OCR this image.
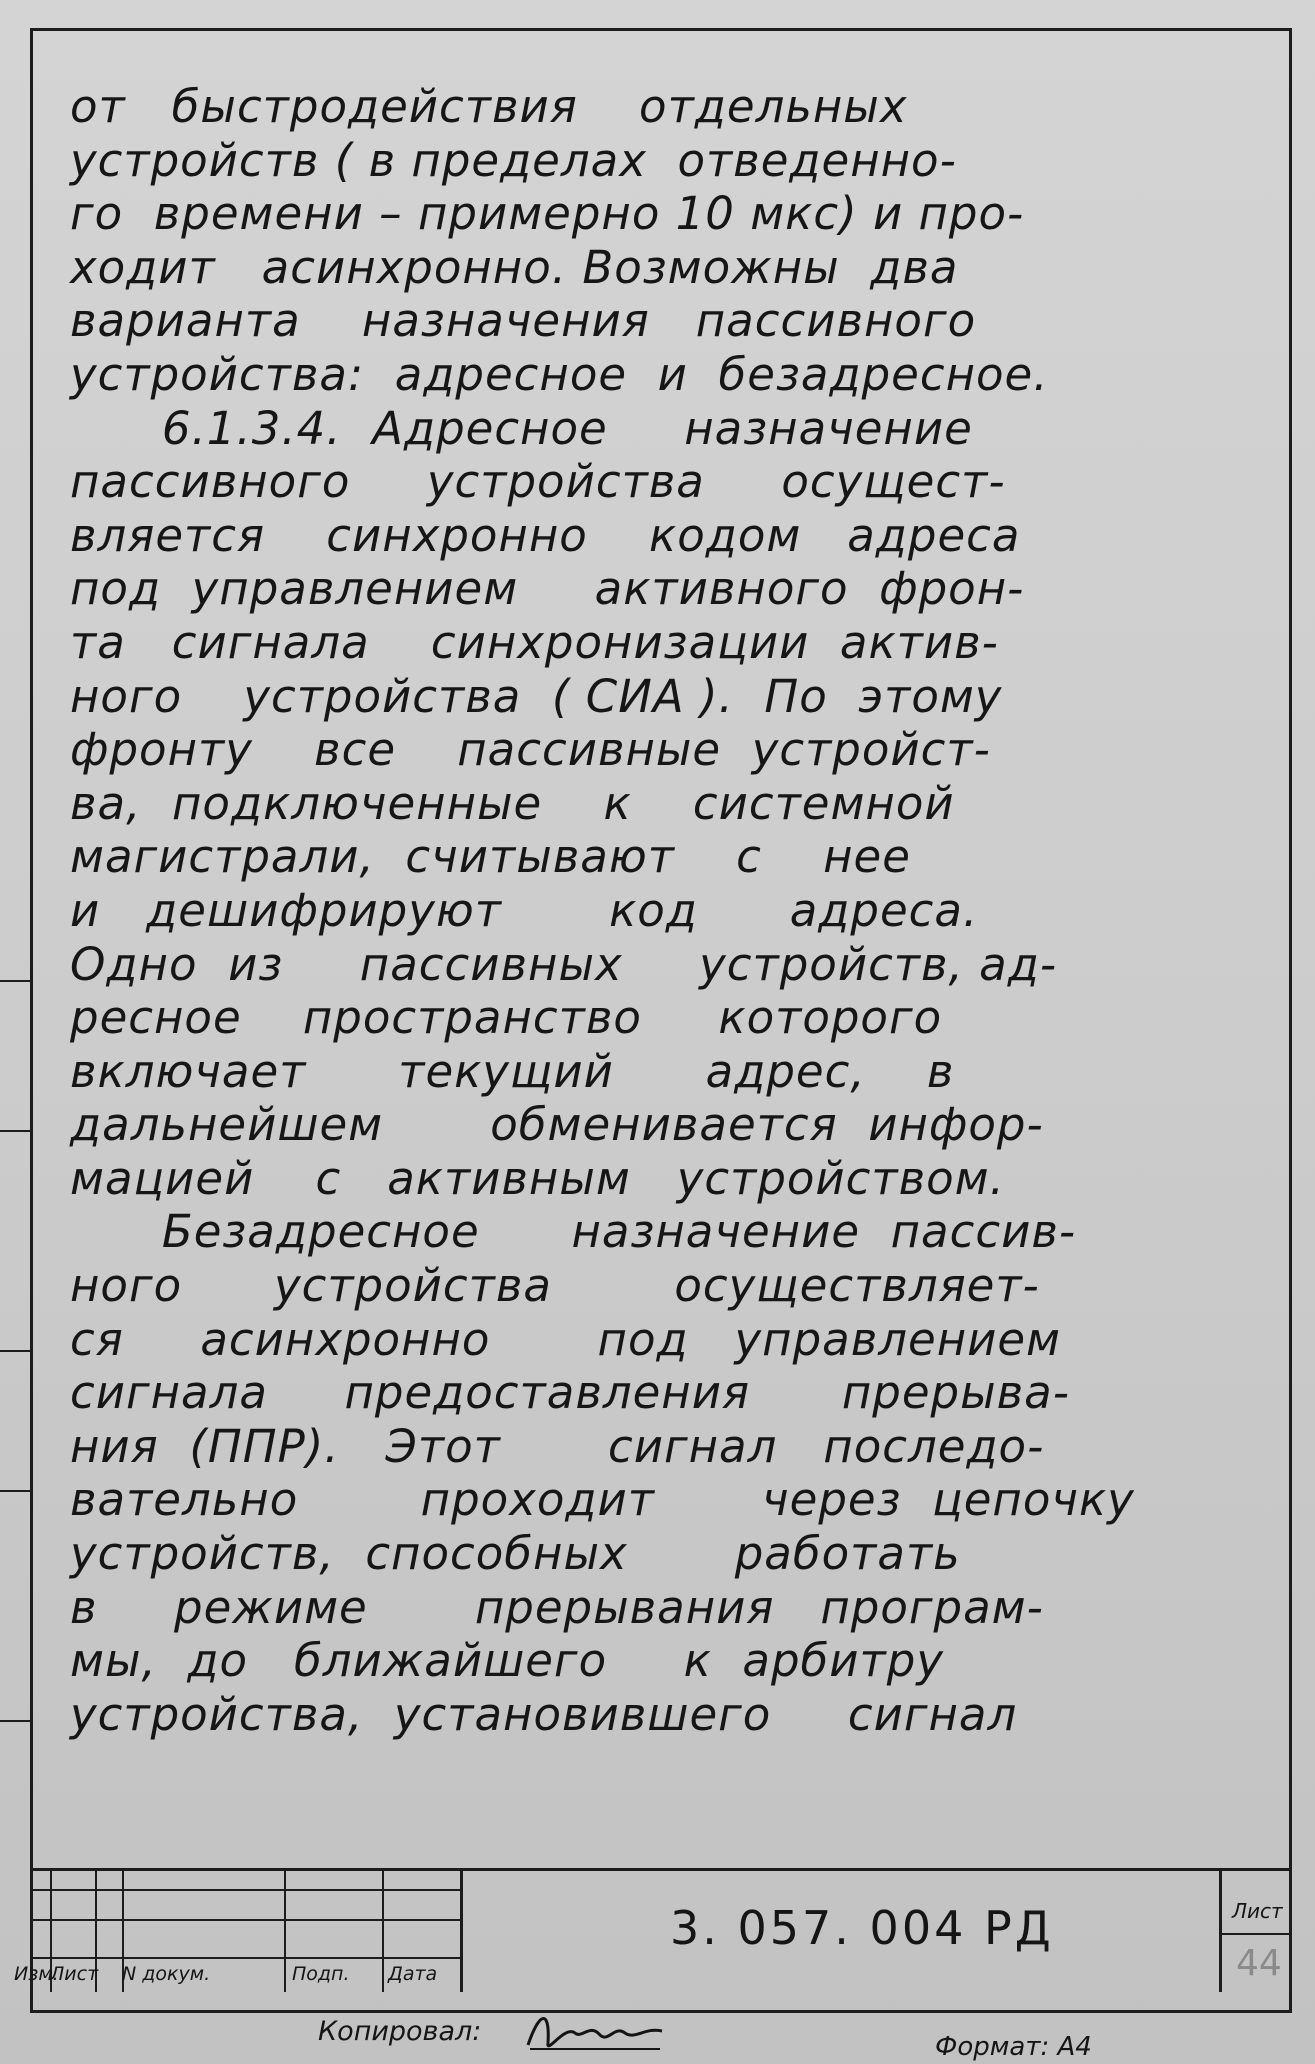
от   быстродействия    отдельных
устройств ( в пределах  отведенно-
го  времени – примерно 10 мкс) и про-
ходит   асинхронно. Возможны  два
варианта    назначения   пассивного
устройства:  адресное  и  безадресное.
6.1.3.4.  Адресное     назначение
пассивного     устройства     осущест-
вляется    синхронно    кодом   адреса
под  управлением     активного  фрон-
та   сигнала    синхронизации  актив-
ного    устройства  ( СИА ).  По  этому
фронту    все    пассивные  устройст-
ва,  подключенные    к    системной
магистрали,  считывают    с    нее
и   дешифрируют       код      адреса.
Одно  из     пассивных     устройств, ад-
ресное    пространство     которого
включает      текущий      адрес,    в
дальнейшем       обменивается  инфор-
мацией    с   активным   устройством.
Безадресное      назначение  пассив-
ного      устройства        осуществляет-
ся     асинхронно       под   управлением
сигнала     предоставления      прерыва-
ния  (ППР).   Этот       сигнал   последо-
вательно        проходит       через  цепочку
устройств,  способных       работать
в     режиме       прерывания   програм-
мы,  до   ближайшего     к  арбитру
устройства,  установившего     сигнал
Изм.
Лист N докум.	Подп. Дата
3. 057. 004 РД	Лист
44
Копировал:	Формат: А4
